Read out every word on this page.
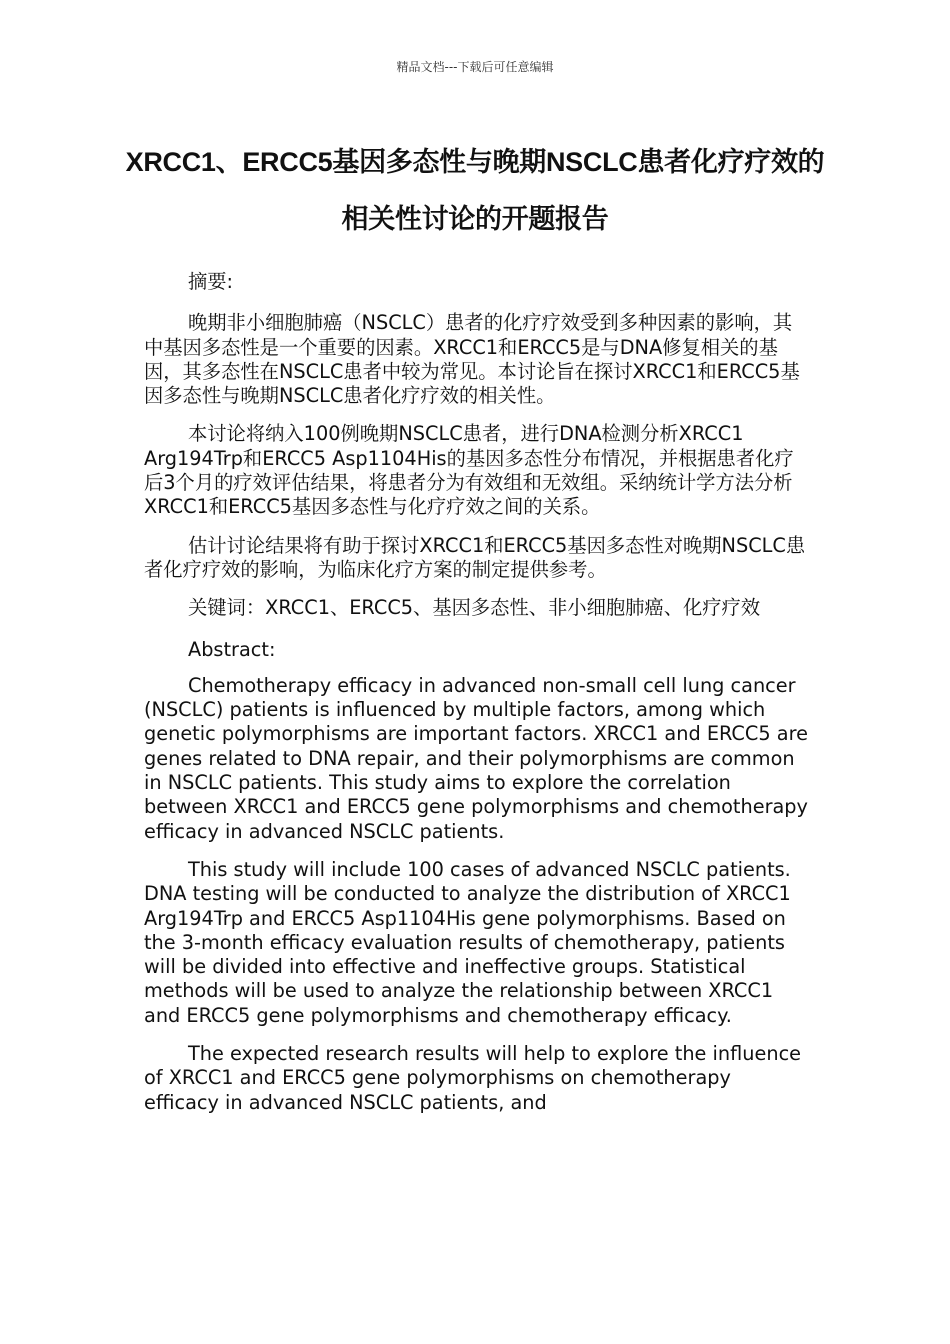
精品文档---下载后可任意编辑
XRCC1、ERCC5基因多态性与晚期NSCLC患者化疗疗效的相关性讨论的开题报告

摘要:

晚期非小细胞肺癌（NSCLC）患者的化疗疗效受到多种因素的影响，其中基因多态性是一个重要的因素。XRCC1和ERCC5是与DNA修复相关的基因，其多态性在NSCLC患者中较为常见。本讨论旨在探讨XRCC1和ERCC5基因多态性与晚期NSCLC患者化疗疗效的相关性。

本讨论将纳入100例晚期NSCLC患者，进行DNA检测分析XRCC1 Arg194Trp和ERCC5 Asp1104His的基因多态性分布情况，并根据患者化疗后3个月的疗效评估结果，将患者分为有效组和无效组。采纳统计学方法分析XRCC1和ERCC5基因多态性与化疗疗效之间的关系。

估计讨论结果将有助于探讨XRCC1和ERCC5基因多态性对晚期NSCLC患者化疗疗效的影响，为临床化疗方案的制定提供参考。

关键词：XRCC1、ERCC5、基因多态性、非小细胞肺癌、化疗疗效

Abstract:

Chemotherapy efficacy in advanced non-small cell lung cancer (NSCLC) patients is influenced by multiple factors, among which genetic polymorphisms are important factors. XRCC1 and ERCC5 are genes related to DNA repair, and their polymorphisms are common in NSCLC patients. This study aims to explore the correlation between XRCC1 and ERCC5 gene polymorphisms and chemotherapy efficacy in advanced NSCLC patients.

This study will include 100 cases of advanced NSCLC patients. DNA testing will be conducted to analyze the distribution of XRCC1 Arg194Trp and ERCC5 Asp1104His gene polymorphisms. Based on the 3-month efficacy evaluation results of chemotherapy, patients will be divided into effective and ineffective groups. Statistical methods will be used to analyze the relationship between XRCC1 and ERCC5 gene polymorphisms and chemotherapy efficacy.

The expected research results will help to explore the influence of XRCC1 and ERCC5 gene polymorphisms on chemotherapy efficacy in advanced NSCLC patients, and
